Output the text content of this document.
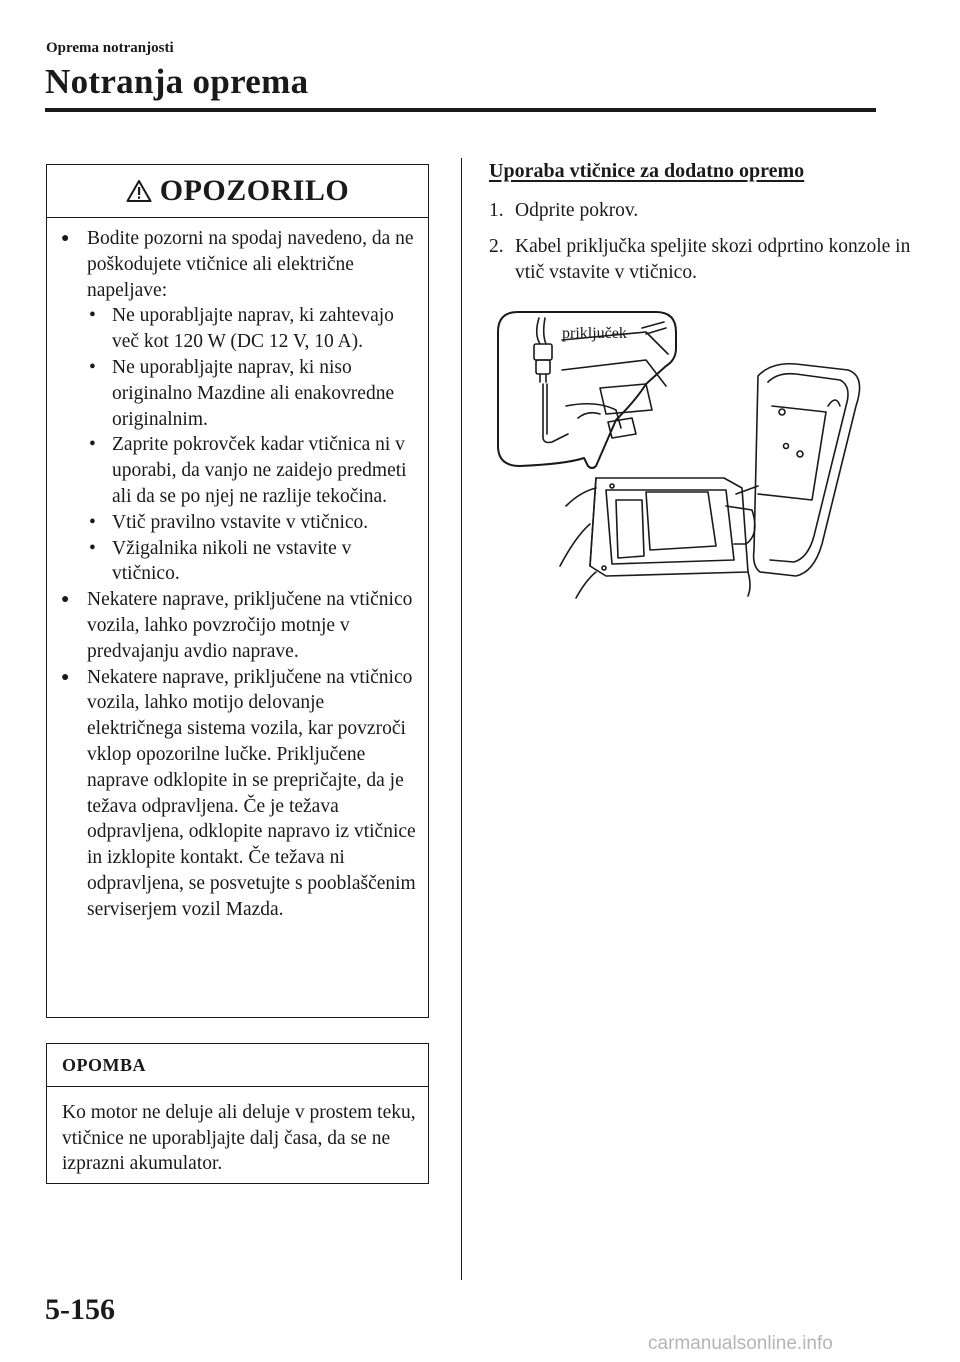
Oprema notranjosti
Notranja oprema
OPOZORILO
● Bodite pozorni na spodaj navedeno, da ne poškodujete vtičnice ali električne napeljave:
• Ne uporabljajte naprav, ki zahtevajo več kot 120 W (DC 12 V, 10 A).
• Ne uporabljajte naprav, ki niso originalno Mazdine ali enakovredne originalnim.
• Zaprite pokrovček kadar vtičnica ni v uporabi, da vanjo ne zaidejo predmeti ali da se po njej ne razlije tekočina.
• Vtič pravilno vstavite v vtičnico.
• Vžigalnika nikoli ne vstavite v vtičnico.
● Nekatere naprave, priključene na vtičnico vozila, lahko povzročijo motnje v predvajanju avdio naprave.
● Nekatere naprave, priključene na vtičnico vozila, lahko motijo delovanje električnega sistema vozila, kar povzroči vklop opozorilne lučke. Priključene naprave odklopite in se prepričajte, da je težava odpravljena. Če je težava odpravljena, odklopite napravo iz vtičnice in izklopite kontakt. Če težava ni odpravljena, se posvetujte s pooblaščenim serviserjem vozil Mazda.
OPOMBA
Ko motor ne deluje ali deluje v prostem teku, vtičnice ne uporabljajte dalj časa, da se ne izprazni akumulator.
Uporaba vtičnice za dodatno opremo
1. Odprite pokrov.
2. Kabel priključka speljite skozi odprtino konzole in vtič vstavite v vtičnico.
priključek
5-156
carmanualsonline.info
